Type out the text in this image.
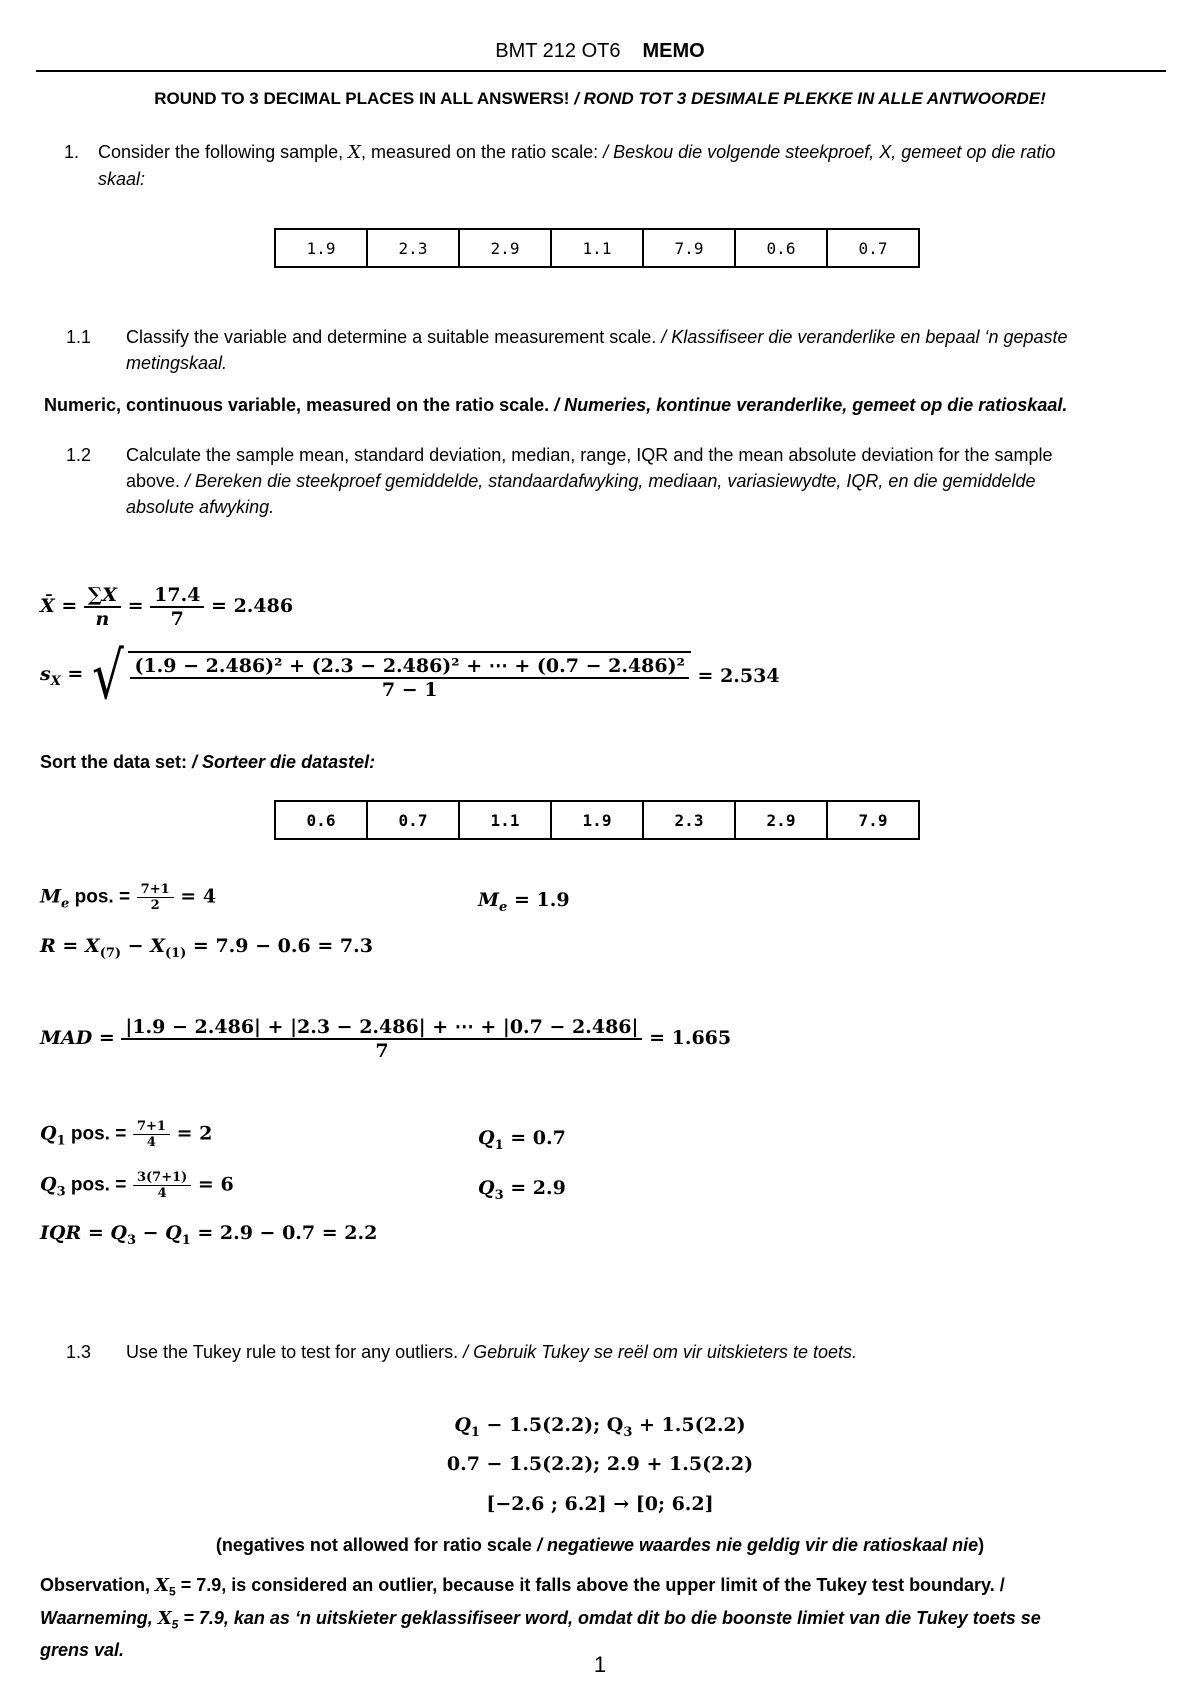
BMT 212 OT6 MEMO
ROUND TO 3 DECIMAL PLACES IN ALL ANSWERS! / ROND TOT 3 DESIMALE PLEKKE IN ALLE ANTWOORDE!
1. Consider the following sample, X, measured on the ratio scale: / Beskou die volgende steekproef, X, gemeet op die ratio
skaal:
1.9	2.3	2.9	1.1	7.9	0.6	0.7
1.1 Classify the variable and determine a suitable measurement scale. / Klassifiseer die veranderlike en bepaal ‘n gepaste
metingskaal.
Numeric, continuous variable, measured on the ratio scale. / Numeries, kontinue veranderlike, gemeet op die ratioskaal.
1.2 Calculate the sample mean, standard deviation, median, range, IQR and the mean absolute deviation for the sample
above. / Bereken die steekproef gemiddelde, standaardafwyking, mediaan, variasiewydte, IQR, en die gemiddelde
absolute afwyking.
X̄ = $\frac{\sum X}{n} = \frac{17.4}{7} = 2.486$
$s_X$ = √ $\frac{\text{(1.9 − 2.486)² + (2.3 − 2.486)² + ⋯ + (0.7 − 2.486)²}}{7 - 1} = 2.534$
Sort the data set: / Sorteer die datastel:
0.6	0.7	1.1	1.9	2.3	2.9	7.9
$M_e$ pos. = $\frac{7+1}{2} = 4$	$M_e = 1.9$
$R = X_{(7)} - X_{(1)} = 7.9 - 0.6 = 7.3$
MAD = $\frac{|1.9 - 2.486| + |2.3 - 2.486| + \cdots + |0.7 - 2.486|}{7} = 1.665$
$Q_1$ pos. = $\frac{7+1}{4} = 2$	$Q_1 = 0.7$
$Q_3$ pos. = $\frac{3(7+1)}{4} = 6$	$Q_3 = 2.9$
IQR = $Q_3 - Q_1 = 2.9 - 0.7 = 2.2$
1.3 Use the Tukey rule to test for any outliers. / Gebruik Tukey se reël om vir uitskieters te toets.
$Q_1 - 1.5(2.2)$; $Q_3 + 1.5(2.2)$
0.7 − 1.5(2.2); 2.9 + 1.5(2.2)
[−2.6 ; 6.2] → [0; 6.2]
(negatives not allowed for ratio scale / negatiewe waardes nie geldig vir die ratioskaal nie)
Observation, $X_5 = 7.9$, is considered an outlier, because it falls above the upper limit of the Tukey test boundary. /
Waarneming, $X_5 = 7.9$, kan as ‘n uitskieter geklassifiseer word, omdat dit bo die boonste limiet van die Tukey toets se
grens val.
1
